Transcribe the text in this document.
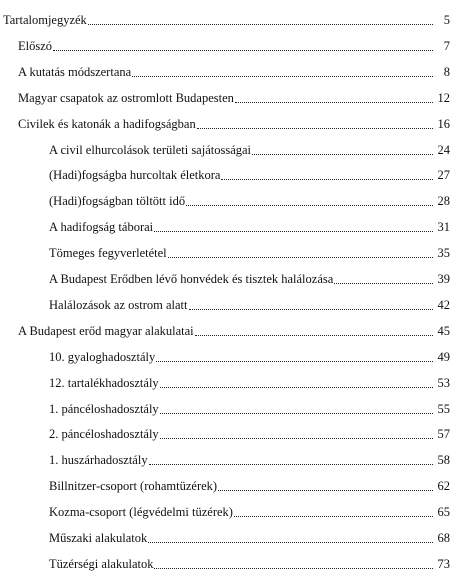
Tartalomjegyzék	5
Előszó	7
A kutatás módszertana	8
Magyar csapatok az ostromlott Budapesten	12
Civilek és katonák a hadifogságban	16
A civil elhurcolások területi sajátosságai	24
(Hadi)fogságba hurcoltak életkora	27
(Hadi)fogságban töltött idő	28
A hadifogság táborai	31
Tömeges fegyverletétel	35
A Budapest Erődben lévő honvédek és tisztek halálozása	39
Halálozások az ostrom alatt	42
A Budapest erőd magyar alakulatai	45
10. gyaloghadosztály	49
12. tartalékhadosztály	53
1. páncéloshadosztály	55
2. páncéloshadosztály	57
1. huszárhadosztály	58
Billnitzer-csoport (rohamtüzérek)	62
Kozma-csoport (légvédelmi tüzérek)	65
Műszaki alakulatok	68
Tüzérségi alakulatok	73
